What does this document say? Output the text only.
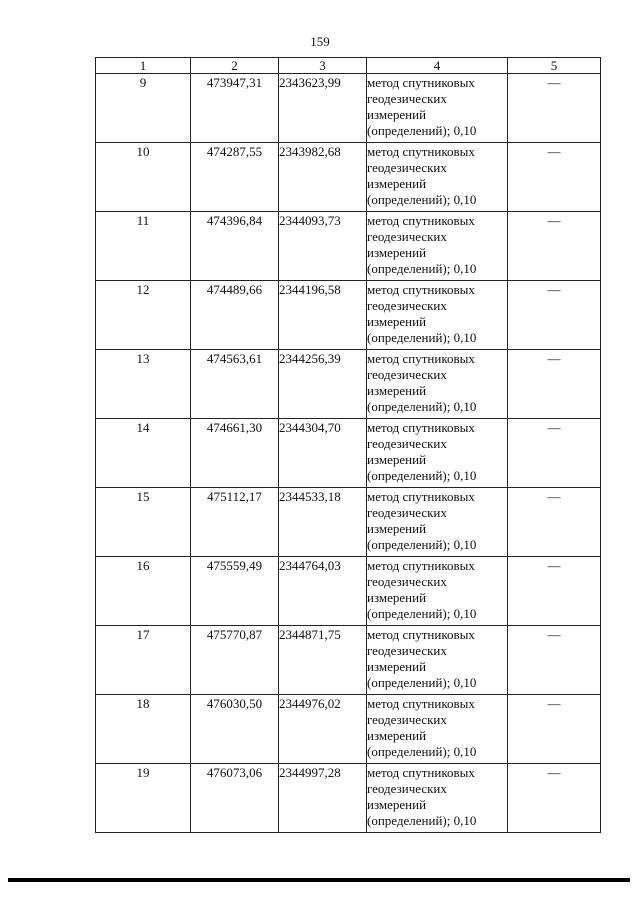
159
1	2	3	4	5
9	473947,31	2343623,99	метод спутниковых
геодезических
измерений
(определений); 0,10	—
10	474287,55	2343982,68	метод спутниковых
геодезических
измерений
(определений); 0,10	—
11	474396,84	2344093,73	метод спутниковых
геодезических
измерений
(определений); 0,10	—
12	474489,66	2344196,58	метод спутниковых
геодезических
измерений
(определений); 0,10	—
13	474563,61	2344256,39	метод спутниковых
геодезических
измерений
(определений); 0,10	—
14	474661,30	2344304,70	метод спутниковых
геодезических
измерений
(определений); 0,10	—
15	475112,17	2344533,18	метод спутниковых
геодезических
измерений
(определений); 0,10	—
16	475559,49	2344764,03	метод спутниковых
геодезических
измерений
(определений); 0,10	—
17	475770,87	2344871,75	метод спутниковых
геодезических
измерений
(определений); 0,10	—
18	476030,50	2344976,02	метод спутниковых
геодезических
измерений
(определений); 0,10	—
19	476073,06	2344997,28	метод спутниковых
геодезических
измерений
(определений); 0,10	—
